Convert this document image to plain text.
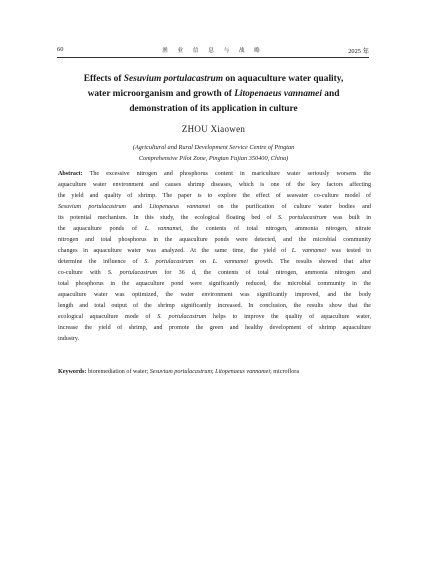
60	渔 业 信 息 与 战 略	2025 年
Effects of Sesuvium portulacastrum on aquaculture water quality,
water microorganism and growth of Litopenaeus vannamei and
demonstration of its application in culture
ZHOU Xiaowen
(Agricultural and Rural Development Service Centre of Pingtan
Comprehensive Pilot Zone, Pingtan Fujian 350400, China)
Abstract: The excessive nitrogen and phosphorus content in mariculture water seriously worsens the
aquaculture water environment and causes shrimp diseases, which is one of the key factors affecting
the yield and quality of shrimp. The paper is to explore the effect of seawater co-culture model of
Sesuvium portulacastrum and Litopenaeus vannamei on the purification of culture water bodies and
its potential mechanism. In this study, the ecological floating bed of S. portulacastrum was built in
the aquaculture ponds of L. vannamei, the contents of total nitrogen, ammonia nitrogen, nitrate
nitrogen and total phosphorus in the aquaculture ponds were detected, and the microbial community
changes in aquaculture water was analyzed. At the same time, the yield of L. vannamei was tested to
determine the influence of S. portulacastrum on L. vannamei growth. The results showed that after
co-culture with S. portulacastrum for 36 d, the contents of total nitrogen, ammonia nitrogen and
total phosphorus in the aquaculture pond were significantly reduced, the microbial community in the
aquaculture water was optimized, the water environment was significantly improved, and the body
length and total output of the shrimp significantly increased. In conclusion, the results show that the
ecological aquaculture mode of S. portulacastrum helps to improve the quality of aquaculture water,
increase the yield of shrimp, and promote the green and healthy development of shrimp aquaculture
industry.
Keywords: bioremediation of water; Sesuvium portulacastrum; Litopenaeus vannamei; microflora
